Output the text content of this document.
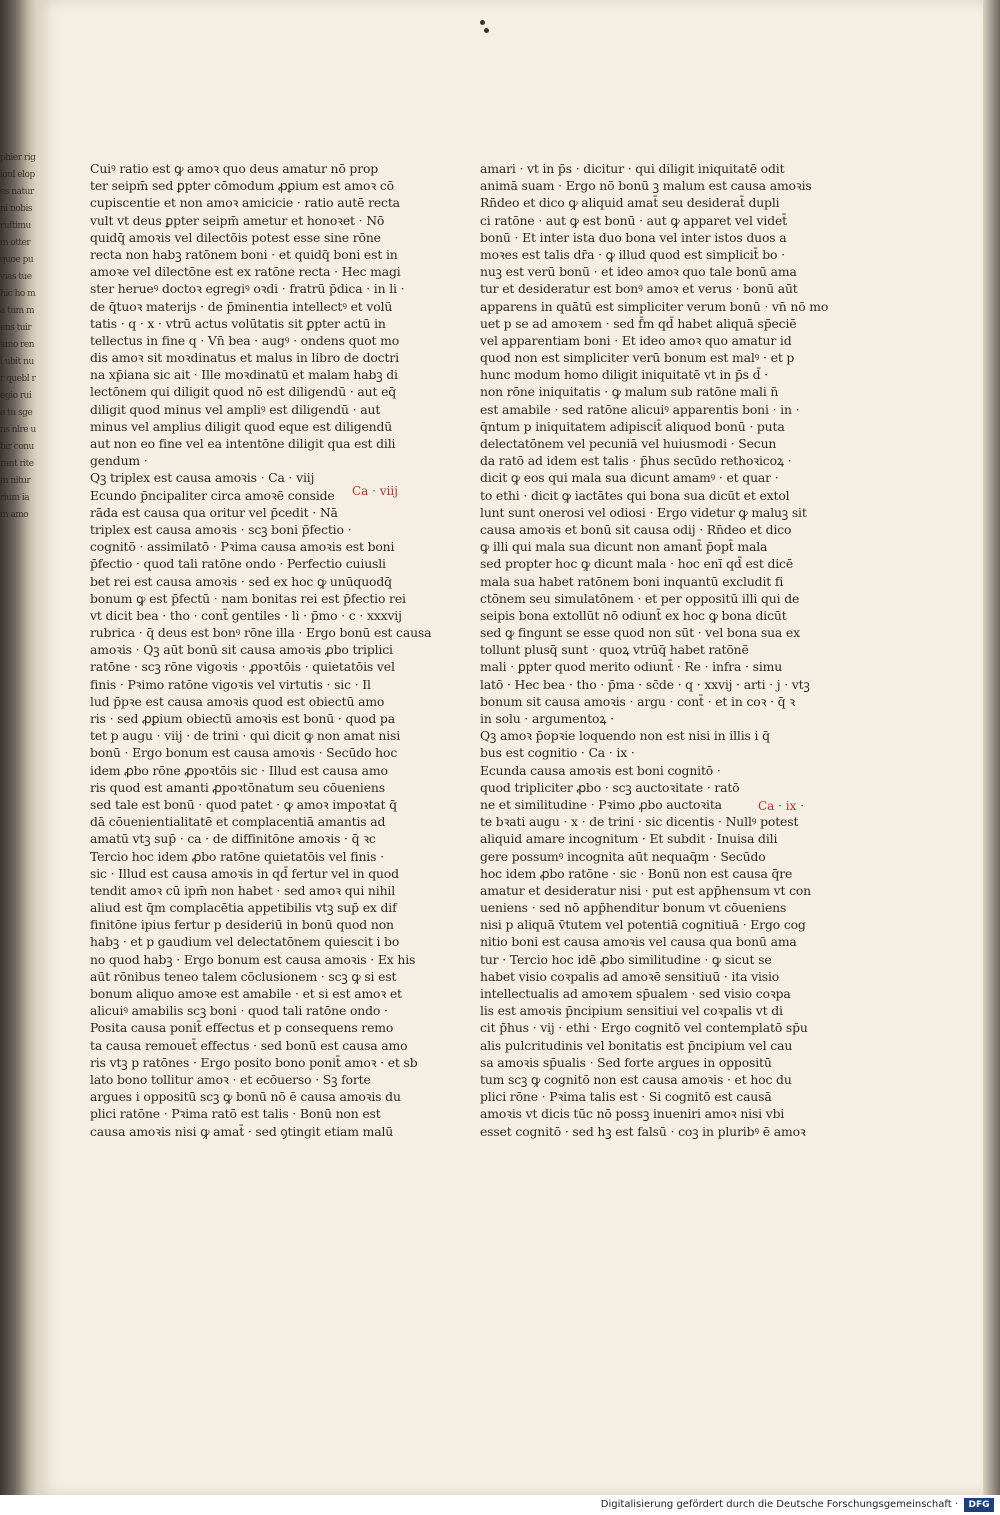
phier rigioul elopes natur ni nobis ruftimum otter quoe pu vias tue hic ho ma tum mens tuir amo reni ubit nur quebl regio ruie tu sgens nlre ubir conu rant ritem nitur rium iam amo
Cuiꝰ ratio est ꝙ amoꝛ quo deus amatur nō prop
ter seipm̄ sed ꝑpter cōmodum ꝓꝑium est amoꝛ cō
cupiscentie et non amoꝛ amicicie · ratio autē recta
vult vt deus ꝑpter seipm̄ ametur et honoꝛet · Nō
quidq̄ amoꝛis vel dilectōis potest esse sine rōne
recta non habꝫ ratōnem boni · et quidq̄ boni est in
amoꝛe vel dilectōne est ex ratōne recta · Hec magi
ster herueꝰ doctoꝛ egregiꝰ oꝛdi · fratrū p̄dica · in li ·
de q̄tuoꝛ materijs · de p̄minentia intellectꝰ et volū
tatis · q · x · vtrū actus volūtatis sit ꝑpter actū in
tellectus in fine q · Vn̄ bea · augꝰ · ondens quot mo
dis amoꝛ sit moꝛdinatus et malus in libro de doctri
na xp̄iana sic ait · Ille moꝛdinatū et malam habꝫ di
lectōnem qui diligit quod nō est diligendū · aut eq̄
diligit quod minus vel ampliꝰ est diligendū · aut
minus vel amplius diligit quod eque est diligendū
aut non eo fine vel ea intentōne diligit qua est dili
gendum ·
Qꝫ triplex est causa amoꝛis · Ca · viij
Ecundo p̄ncipaliter circa amoꝛē conside
rāda est causa qua oritur vel p̄cedit · Nā
triplex est causa amoꝛis · scꝫ boni p̄fectio ·
cognitō · assimilatō · Pꝛima causa amoꝛis est boni
p̄fectio · quod tali ratōne ondo · Perfectio cuiusli
bet rei est causa amoꝛis · sed ex hoc ꝙ unūquodq̄
bonum ꝙ est p̄fectū · nam bonitas rei est p̄fectio rei
vt dicit bea · tho · cont̄ gentiles · li · p̄mo · c · xxxvij
rubrica · q̄ deus est bonꝰ rōne illa · Ergo bonū est causa
amoꝛis · Qꝫ aūt bonū sit causa amoꝛis ꝓbo triplici
ratōne · scꝫ rōne vigoꝛis · ꝓpoꝛtōis · quietatōis vel
finis · Pꝛimo ratōne vigoꝛis vel virtutis · sic · Il
lud p̄pꝛe est causa amoꝛis quod est obiectū amo
ris · sed ꝓꝑium obiectū amoꝛis est bonū · quod pa
tet p augu · viij · de trini · qui dicit ꝙ non amat nisi
bonū · Ergo bonum est causa amoꝛis · Secūdo hoc
idem ꝓbo rōne ꝓpoꝛtōis sic · Illud est causa amo
ris quod est amanti ꝓpoꝛtōnatum seu cōueniens
sed tale est bonū · quod patet · ꝙ amoꝛ impoꝛtat q̄
dā cōuenientialitatē et complacentiā amantis ad
amatū vtꝫ sup̄ · ca · de diffinitōne amoꝛis · q̄ ꝛc
Tercio hoc idem ꝓbo ratōne quietatōis vel finis ·
sic · Illud est causa amoꝛis in qd̄ fertur vel in quod
tendit amoꝛ cū ipm̄ non habet · sed amoꝛ qui nihil
aliud est q̄m complacētia appetibilis vtꝫ sup̄ ex dif
finitōne ipius fertur p desideriū in bonū quod non
habꝫ · et p gaudium vel delectatōnem quiescit i bo
no quod habꝫ · Ergo bonum est causa amoꝛis · Ex his
aūt rōnibus teneo talem cōclusionem · scꝫ ꝙ si est
bonum aliquo amoꝛe est amabile · et si est amoꝛ et
alicuiꝰ amabilis scꝫ boni · quod tali ratōne ondo ·
Posita causa ponit̄ effectus et p consequens remo
ta causa remouet̄ effectus · sed bonū est causa amo
ris vtꝫ p ratōnes · Ergo posito bono ponit̄ amoꝛ · et sb
lato bono tollitur amoꝛ · et ecōuerso · Sꝫ forte
argues i oppositū scꝫ ꝙ bonū nō ē causa amoꝛis du
plici ratōne · Pꝛima ratō est talis · Bonū non est
causa amoꝛis nisi ꝙ amat̄ · sed ꝯtingit etiam malū
amari · vt in p̄s · dicitur · qui diligit iniquitatē odit
animā suam · Ergo nō bonū ꝫ malum est causa amoꝛis
Rn̄deo et dico ꝙ aliquid amat̄ seu desiderat̄ dupli
ci ratōne · aut ꝙ est bonū · aut ꝙ apparet vel videt̄
bonū · Et inter ista duo bona vel inter istos duos a
moꝛes est talis dr̄a · ꝙ illud quod est simplicit̄ bo ·
nuꝫ est verū bonū · et ideo amoꝛ quo tale bonū ama
tur et desideratur est bonꝰ amoꝛ et verus · bonū aūt
apparens in quātū est simpliciter verum bonū · vn̄ nō mo
uet p se ad amoꝛem · sed f̄m qd̄ habet aliquā sp̄eciē
vel apparentiam boni · Et ideo amoꝛ quo amatur id
quod non est simpliciter verū bonum est malꝰ · et p
hunc modum homo diligit iniquitatē vt in p̄s d̄ ·
non rōne iniquitatis · ꝙ malum sub ratōne mali n̄
est amabile · sed ratōne alicuiꝰ apparentis boni · in ·
q̄ntum p iniquitatem adipiscit̄ aliquod bonū · puta
delectatōnem vel pecuniā vel huiusmodi · Secun
da ratō ad idem est talis · p̄hus secūdo rethoꝛicoꝝ ·
dicit ꝙ eos qui mala sua dicunt amamꝰ · et quar ·
to ethi · dicit ꝙ iactātes qui bona sua dicūt et extol
lunt sunt onerosi vel odiosi · Ergo videtur ꝙ maluꝫ sit
causa amoꝛis et bonū sit causa odij · Rn̄deo et dico
ꝙ illi qui mala sua dicunt non amant̄ p̄opt̄ mala
sed propter hoc ꝙ dicunt mala · hoc enī qd̄ est dicē
mala sua habet ratōnem boni inquantū excludit fi
ctōnem seu simulatōnem · et per oppositū illi qui de
seipis bona extollūt nō odiunt̄ ex hoc ꝙ bona dicūt
sed ꝙ fingunt se esse quod non sūt · vel bona sua ex
tollunt plusq̄ sunt · quoꝝ vtrūq̄ habet ratōnē
mali · ꝑpter quod merito odiunt̄ · Re · infra · simu
latō · Hec bea · tho · p̄ma · sc̄de · q · xxvij · arti · j · vtꝫ
bonum sit causa amoꝛis · argu · cont̄ · et in coꝛ · q̄ ꝛ
in solu · argumentoꝝ ·
Qꝫ amoꝛ p̄opꝛie loquendo non est nisi in illis i q̄
bus est cognitio · Ca · ix ·
Ecunda causa amoꝛis est boni cognitō ·
quod tripliciter ꝓbo · scꝫ auctoꝛitate · ratō
ne et similitudine · Pꝛimo ꝓbo auctoꝛita
te bꝛati augu · x · de trini · sic dicentis · Nullꝰ potest
aliquid amare incognitum · Et subdit · Inuisa dili
gere possumꝰ incognita aūt nequaq̄m · Secūdo
hoc idem ꝓbo ratōne · sic · Bonū non est causa q̄re
amatur et desideratur nisi · put est app̄hensum vt con
ueniens · sed nō app̄henditur bonum vt cōueniens
nisi p aliquā v̄tutem vel potentiā cognitiuā · Ergo cog
nitio boni est causa amoꝛis vel causa qua bonū ama
tur · Tercio hoc idē ꝓbo similitudine · ꝙ sicut se
habet visio coꝛpalis ad amoꝛē sensitiuū · ita visio
intellectualis ad amoꝛem sp̄ualem · sed visio coꝛpa
lis est amoꝛis p̄ncipium sensitiui vel coꝛpalis vt di
cit p̄hus · vij · ethi · Ergo cognitō vel contemplatō sp̄u
alis pulcritudinis vel bonitatis est p̄ncipium vel cau
sa amoꝛis sp̄ualis · Sed forte argues in oppositū
tum scꝫ ꝙ cognitō non est causa amoꝛis · et hoc du
plici rōne · Pꝛima talis est · Si cognitō est causā
amoꝛis vt dicis tūc nō possꝫ inueniri amoꝛ nisi vbi
esset cognitō · sed hꝫ est falsū · coꝫ in pluribꝰ ē amoꝛ
Ca · viij
Ca · ix ·
Digitalisierung gefördert durch die Deutsche Forschungsgemeinschaft ·	DFG
